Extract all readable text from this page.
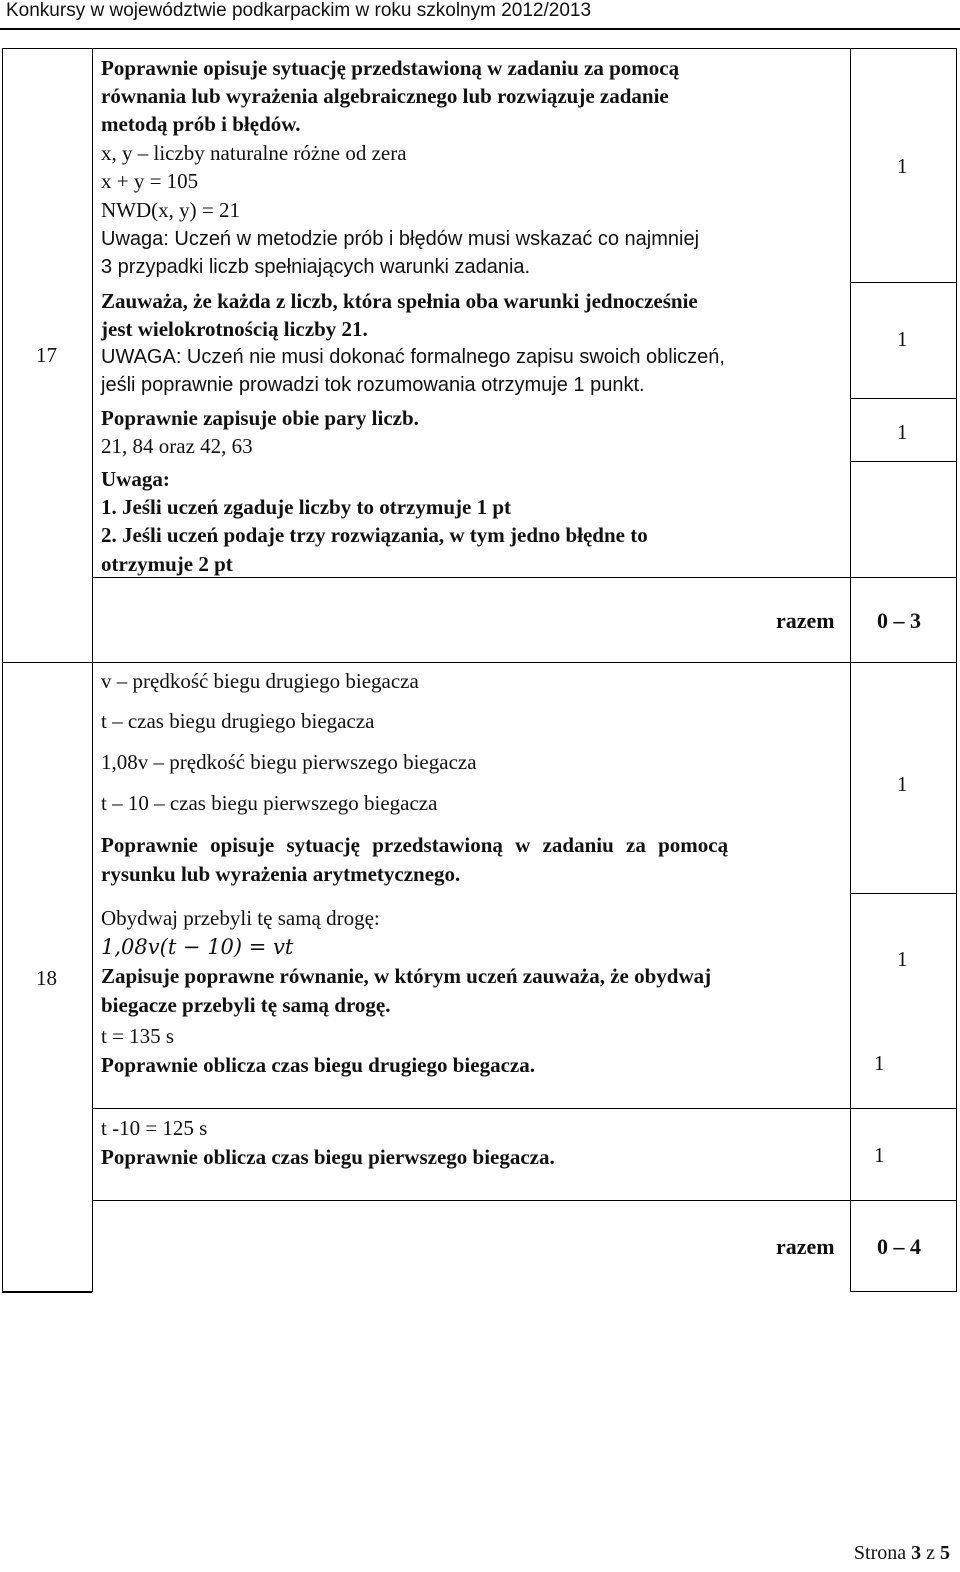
Konkursy w województwie podkarpackim w roku szkolnym 2012/2013
17
18
Poprawnie opisuje sytuację przedstawioną w zadaniu za pomocą
równania lub wyrażenia algebraicznego lub rozwiązuje zadanie
metodą prób i błędów.
x, y – liczby naturalne różne od zera
x + y = 105
NWD(x, y) = 21
Uwaga: Uczeń w metodzie prób i błędów musi wskazać co najmniej
3 przypadki liczb spełniających warunki zadania.
Zauważa, że każda z liczb, która spełnia oba warunki jednocześnie
jest wielokrotnością liczby 21.
UWAGA: Uczeń nie musi dokonać formalnego zapisu swoich obliczeń,
jeśli poprawnie prowadzi tok rozumowania otrzymuje 1 punkt.
Poprawnie zapisuje obie pary liczb.
21, 84 oraz 42, 63
Uwaga:
1. Jeśli uczeń zgaduje liczby to otrzymuje 1 pt
2. Jeśli uczeń podaje trzy rozwiązania, w tym jedno błędne to
otrzymuje 2 pt
1
1
1
razem 0 – 3
v – prędkość biegu drugiego biegacza
t – czas biegu drugiego biegacza
1,08v – prędkość biegu pierwszego biegacza
t – 10 – czas biegu pierwszego biegacza
Poprawnie opisuje sytuację przedstawioną w zadaniu za pomocą
rysunku lub wyrażenia arytmetycznego.
Obydwaj przebyli tę samą drogę:
1,08v(t − 10) = vt
Zapisuje poprawne równanie, w którym uczeń zauważa, że obydwaj
biegacze przebyli tę samą drogę.
t = 135 s
Poprawnie oblicza czas biegu drugiego biegacza.
t -10 = 125 s
Poprawnie oblicza czas biegu pierwszego biegacza.
1
1
1
1
razem 0 – 4
Strona 3 z 5
